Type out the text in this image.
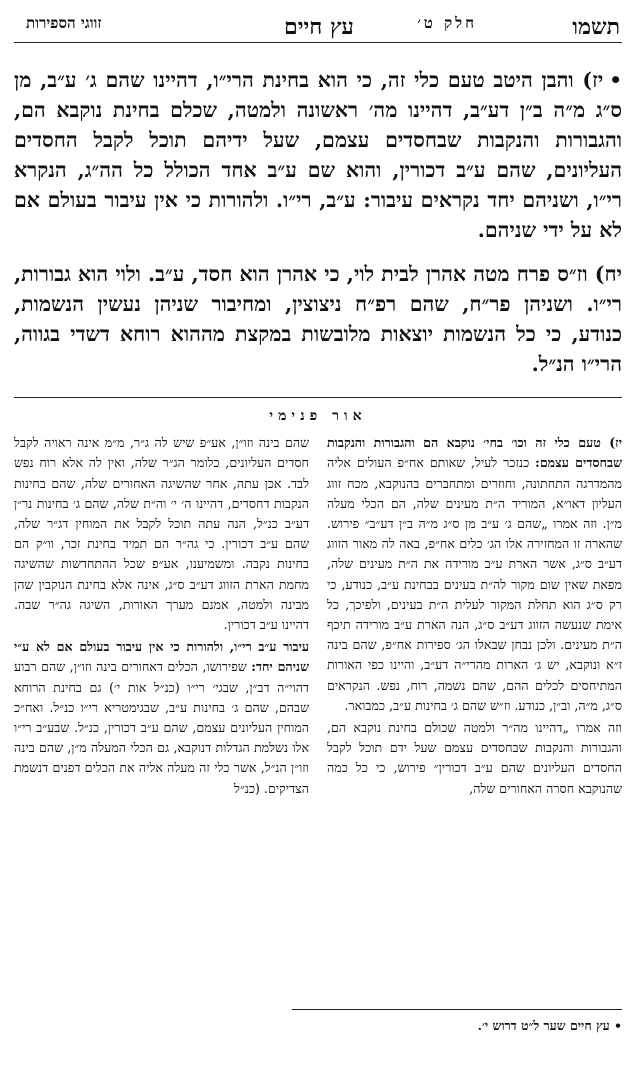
תשמו
חלק ט׳
עץ חיים
זווגי הספירות

•יז) והבן היטב טעם כלי זה, כי הוא בחינת הרי״ו, דהיינו שהם ג׳ ע״ב, מן ס״ג מ״ה ב״ן דע״ב, דהיינו מה׳ ראשונה ולמטה, שכלם בחינת נוקבא הם, והגבורות והנקבות שבחסדים עצמם, שעל ידיהם תוכל לקבל החסדים העליונים, שהם ע״ב דכורין, והוא שם ע״ב אחד הכולל כל הה״ג, הנקרא רי״ו, ושניהם יחד נקראים עיבור: ע״ב, רי״ו. ולהורות כי אין עיבור בעולם אם לא על ידי שניהם.

יח) וז״ס פרח מטה אהרן לבית לוי, כי אהרן הוא חסד, ע״ב. ולוי הוא גבורות, רי״ו. ושניהן פר״ח, שהם רפ״ח ניצוצין, ומחיבור שניהן נעשין הנשמות, כנודע, כי כל הנשמות יוצאות מלובשות במקצת מההוא רוחא דשדי בגווה, הרי״ו הנ״ל.

אור פנימי

יז) טעם כלי זה וכו׳ בחי׳ נוקבא הם והגבורות והנקבות שבחסדים עצמם: כנזכר לעיל, שאותם אח״פ העולים אליה מהמדרגה התחתונה, וחוזרים ומתחברים בהנוקבא, מכח זווג העליון דאו״א, המוריד ה״ת מעינים שלה, הם הכלי מעלה מ״ן. וזה אמרו „שהם ג׳ ע״ב מן ס״ג מ״ה ב״ן דע״ב״ פירוש. שהארה זו המחזירה אלו הג׳ כלים אח״פ, באה לה מאור הזווג דע״ב ס״ג, אשר הארת ע״ב מורידה את ה״ת מעינים שלה, מפאת שאין שום מקור לה״ת בעינים בבחינת ע״ב, כנודע, כי רק ס״ג הוא תחלת המקור לעלית ה״ת בעינים, ולפיכך, כל אימת שנעשה הזווג דע״ב ס״ג, הנה הארת ע״ב מורידה תיכף ה״ת מעינים. ולכן נבחן שבאלו הג׳ ספירות אח״פ, שהם בינה ז״א ונוקבא, יש ג׳ הארות מהרי״ה דע״ב, והיינו כפי האורות המתיחסים לכלים ההם, שהם נשמה, רוח, נפש. הנקראים ס״ג, מ״ה, וב״ן, כנודע. וז״ש שהם ג׳ בחינות ע״ב, כמבואר.

וזה אמרו „דהיינו מה״ר ולמטה שכולם בחינת נוקבא הם, והגבורות והנקבות שבחסדים עצמם שעל ידם תוכל לקבל החסדים העליונים שהם ע״ב דכורין״ פירוש, כי כל כמה שהנוקבא חסרה האחורים שלה,

שהם בינה וזו״ן, אע״פ שיש לה ג״ר, מ״מ אינה ראויה לקבל חסדים העליונים, כלומר הג״ר שלה, ואין לה אלא רוח נפש לבד. אכן עתה, אחר שהשיגה האחורים שלה, שהם בחינות הנקבות דחסדים, דהיינו ה׳ י׳ וה״ת שלה, שהם ג׳ בחינות נר״ן דע״ב כנ״ל, הנה עתה תוכל לקבל את המוחין דג״ר שלה, שהם ע״ב דכורין. כי גה״ר הם תמיד בחינת זכר, וו״ק הם בחינות נקבה. ומשמיענו, אע״פ שכל ההתחדשות שהשיגה מחמת הארת הזווג דע״ב ס״ג, אינה אלא בחינת הנוקבין שהן מבינה ולמטה, אמנם מערך האורות, השיגה גה״ר שבה. דהיינו ע״ב דכורין.

עיבור ע״ב רי״ו, ולהורות כי אין עיבור בעולם אם לא ע״י שניהם יחד: שפירושו, הכלים דאחורים בינה וזו״ן, שהם רבוע דהוי״ה דב״ן, שבגי׳ רי״ו (כנ״ל אות י׳) גם בחינת הרוחא שבהם, שהם ג׳ בחינות ע״ב, שבגימטריא רי״ו כנ״ל. ואח״כ המוחין העליונים עצמם, שהם ע״ב דכורין, כנ״ל. שבע״ב רי״ו אלו נשלמת הגדלות דנוקבא, גם הכלי המעלה מ״ן, שהם בינה וזו״ן הנ״ל, אשר כלי זה מעלה אליה את הכלים דפנים דנשמת הצדיקים. (כנ״ל

• עץ חיים שער ל״ט דרוש י׳.
